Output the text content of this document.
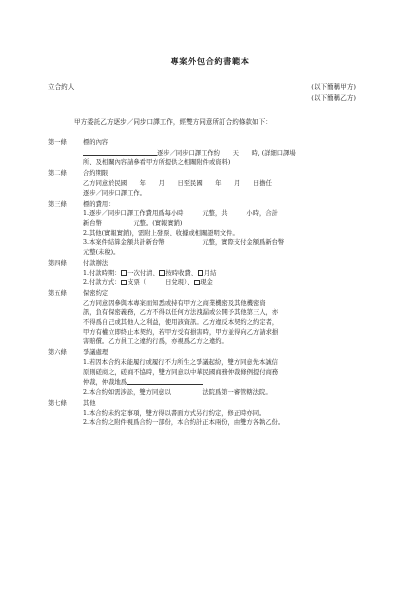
專案外包合約書範本
立合約人	(以下簡稱甲方)
(以下簡稱乙方)
甲方委託乙方逐步／同步口譯工作，經雙方同意所訂合約條款如下：
第一條	標的內容
逐步／同步口譯工作約　　天　　時, (詳細口譯場
所、及相關內容請參看甲方所提供之相關附件或資料)
第二條	合約期限
乙方同意於民國　　年　　月　　日至民國　　年　　月　　日擔任
逐步／同步口譯工作。
第三條	標的費用：
1.逐步／同步口譯工作費用爲每小時　　　元整，共　　　小時，合計
新台幣　　　　　元整。(實報實銷)
2.其他(實報實銷)，需附上發票、收據或相關證明文件。
3.本案件結算金額共計新台幣　　　　　　元整，實際支付金額爲新台幣
元整(未稅)。
第四條	付款辦法
1.付款時期： 一次付清、 按時收費、 月結
2.付款方式： 支票（　　　日兌現）、 現金
第五條	保密約定
乙方同意因參與本專案而知悉或持有甲方之商業機密及其他機密資
訊，負有保密義務，乙方不得以任何方法洩漏或公開予其他第三人，亦
不得爲自己或其他人之利益，使用該資訊。乙方違反本契約之約定者，
甲方有權立即終止本契約，若甲方受有損害時，甲方並得向乙方請求損
害賠償。乙方員工之違約行爲，亦視爲乙方之違約。
第六條	爭議處理
1.若因本合約未能履行或履行不力所生之爭議起紛，雙方同意先本誠信
原則磋商之，磋商不協時，雙方同意以中華民國商務仲裁條例提付商務
仲裁，仲裁地爲
2.本合約如需涉訟，雙方同意以　　　　　法院爲第一審管轄法院。
第七條	其他
1.本合約未約定事項，雙方得以書面方式另行約定，修正時亦同。
2.本合約之附件視爲合約一部份，本合約計正本兩份，由雙方各執乙份。
